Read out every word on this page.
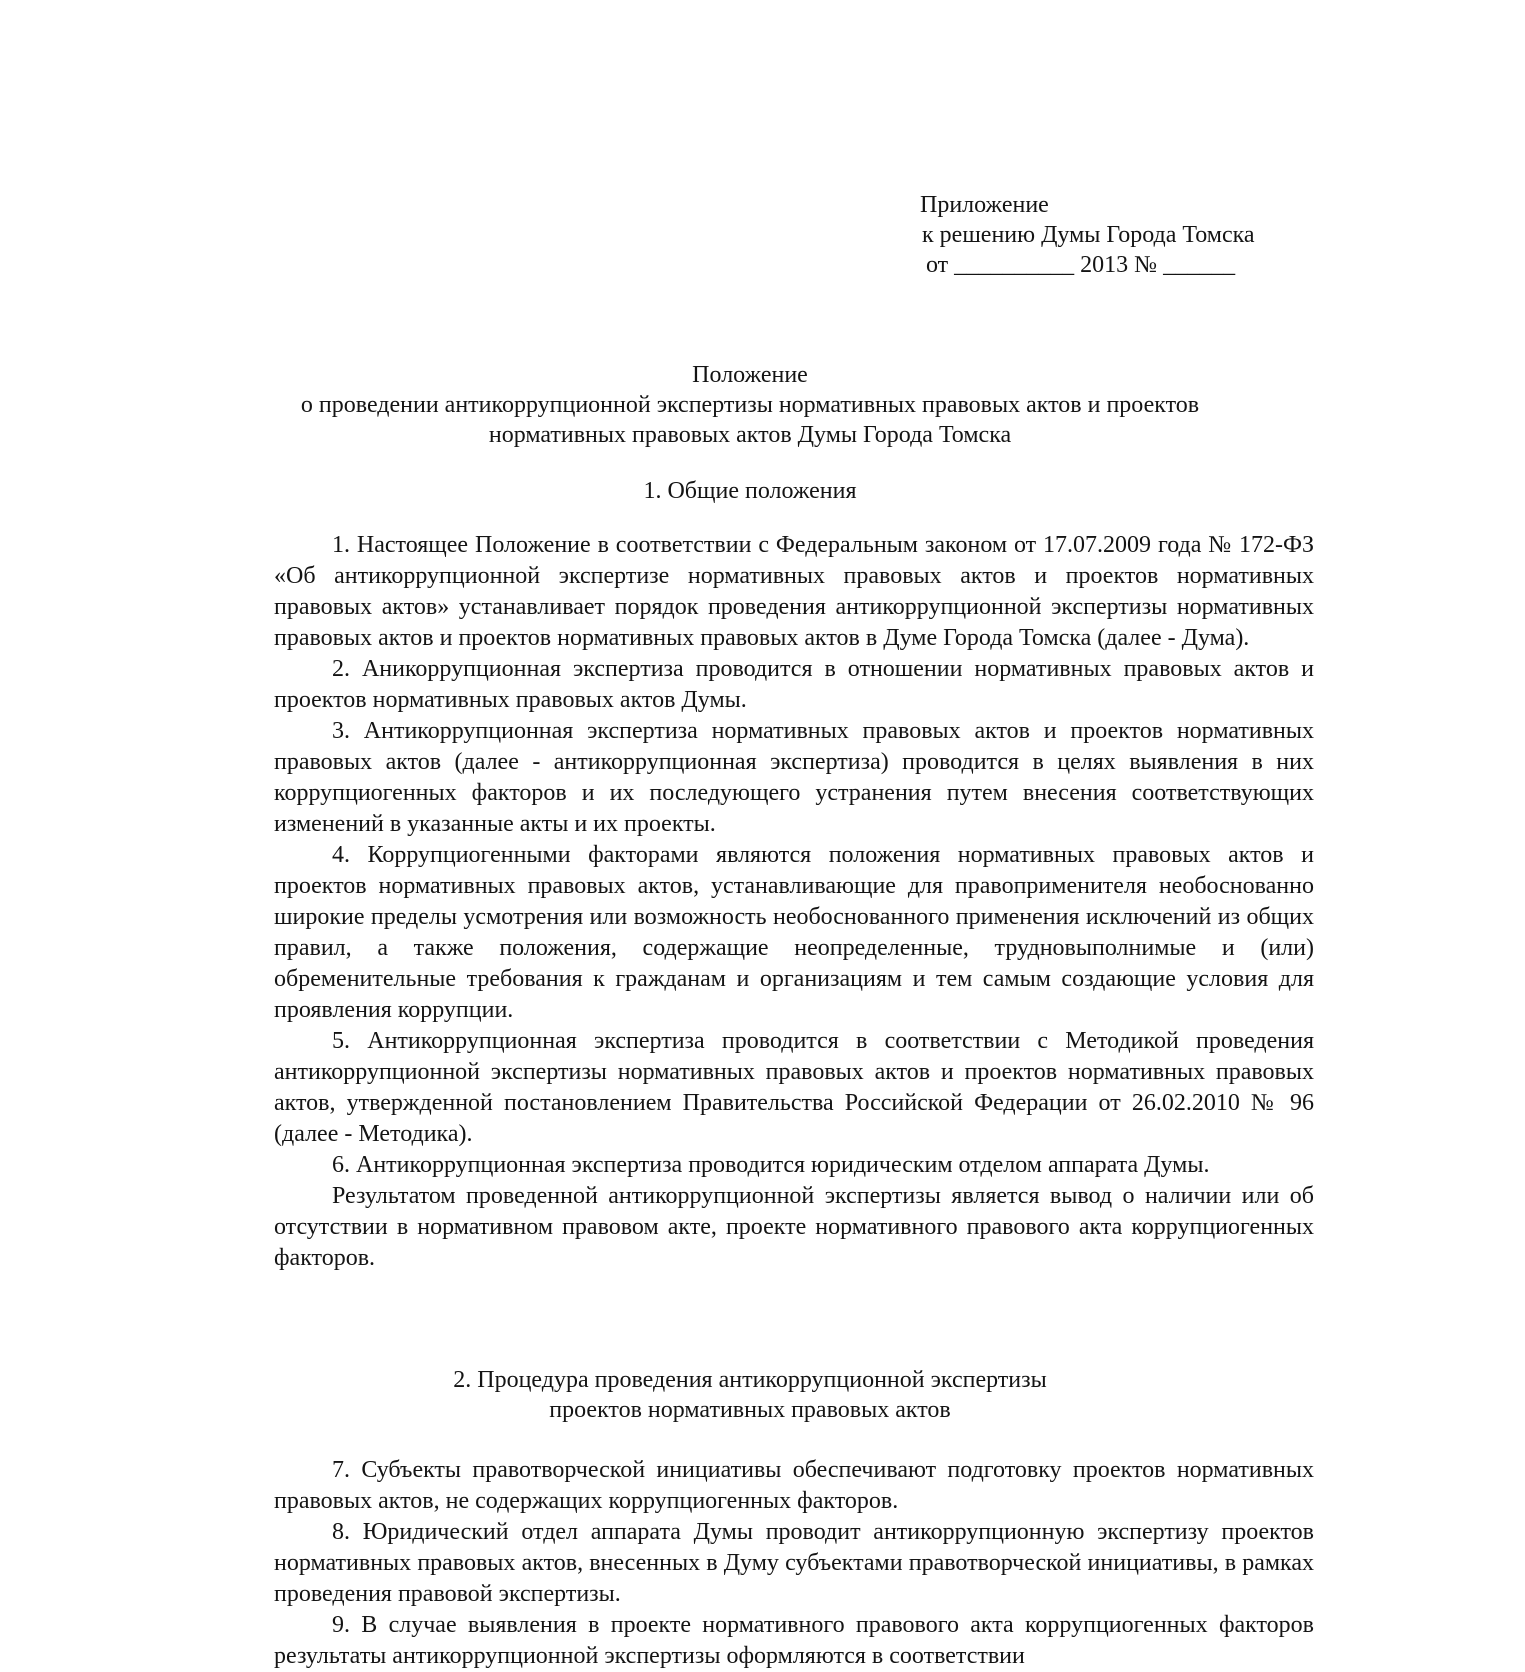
Приложение
к решению Думы Города Томска
от __________ 2013 № ______
Положение
о проведении антикоррупционной экспертизы нормативных правовых актов и проектов
нормативных правовых актов Думы Города Томска
1. Общие положения

1. Настоящее Положение в соответствии с Федеральным законом от 17.07.2009 года № 172-ФЗ «Об антикоррупционной экспертизе нормативных правовых актов и проектов нормативных правовых актов» устанавливает порядок проведения антикоррупционной экспертизы нормативных правовых актов и проектов нормативных правовых актов в Думе Города Томска (далее - Дума).

2. Аникоррупционная экспертиза проводится в отношении нормативных правовых актов и проектов нормативных правовых актов Думы.

3. Антикоррупционная экспертиза нормативных правовых актов и проектов нормативных правовых актов (далее - антикоррупционная экспертиза) проводится в целях выявления в них коррупциогенных факторов и их последующего устранения путем внесения соответствующих изменений в указанные акты и их проекты.

4. Коррупциогенными факторами являются положения нормативных правовых актов и проектов нормативных правовых актов, устанавливающие для правоприменителя необоснованно широкие пределы усмотрения или возможность необоснованного применения исключений из общих правил, а также положения, содержащие неопределенные, трудновыполнимые и (или) обременительные требования к гражданам и организациям и тем самым создающие условия для проявления коррупции.

5. Антикоррупционная экспертиза проводится в соответствии с Методикой проведения антикоррупционной экспертизы нормативных правовых актов и проектов нормативных правовых актов, утвержденной постановлением Правительства Российской Федерации от 26.02.2010 № 96 (далее - Методика).

6. Антикоррупционная экспертиза проводится юридическим отделом аппарата Думы.

Результатом проведенной антикоррупционной экспертизы является вывод о наличии или об отсутствии в нормативном правовом акте, проекте нормативного правового акта коррупциогенных факторов.

2. Процедура проведения антикоррупционной экспертизы
проектов нормативных правовых актов

7. Субъекты правотворческой инициативы обеспечивают подготовку проектов нормативных правовых актов, не содержащих коррупциогенных факторов.

8. Юридический отдел аппарата Думы проводит антикоррупционную экспертизу проектов нормативных правовых актов, внесенных в Думу субъектами правотворческой инициативы, в рамках проведения правовой экспертизы.

9. В случае выявления в проекте нормативного правового акта коррупциогенных факторов результаты антикоррупционной экспертизы оформляются в соответствии
